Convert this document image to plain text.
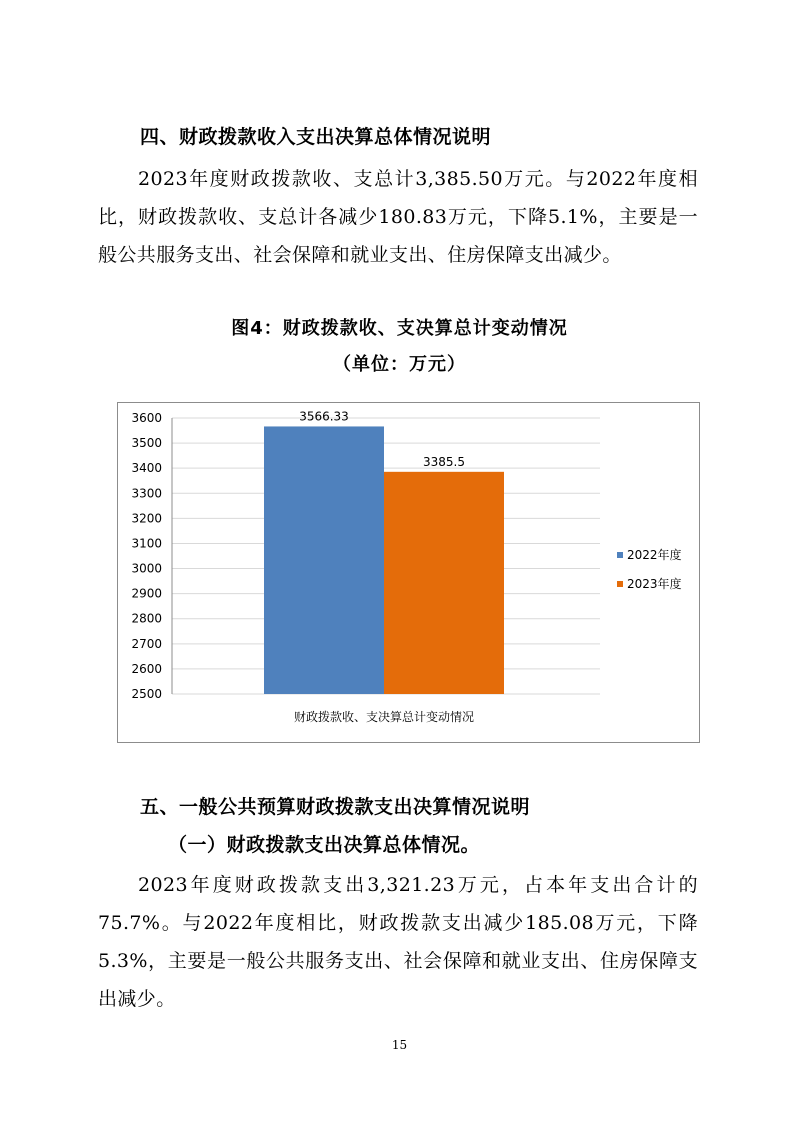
四、财政拨款收入支出决算总体情况说明
2023年度财政拨款收、支总计3,385.50万元。与2022年度相比，财政拨款收、支总计各减少180.83万元，下降5.1%，主要是一般公共服务支出、社会保障和就业支出、住房保障支出减少。
图4：财政拨款收、支决算总计变动情况
（单位：万元）
2500
2600
2700
2800
2900
3000
3100
3200
3300
3400
3500
3600	3566.33
3385.5
财政拨款收、支决算总计变动情况
2022年度
2023年度
五、一般公共预算财政拨款支出决算情况说明
（一）财政拨款支出决算总体情况。
2023年度财政拨款支出3,321.23万元，占本年支出合计的75.7%。与2022年度相比，财政拨款支出减少185.08万元，下降5.3%，主要是一般公共服务支出、社会保障和就业支出、住房保障支出减少。
15
